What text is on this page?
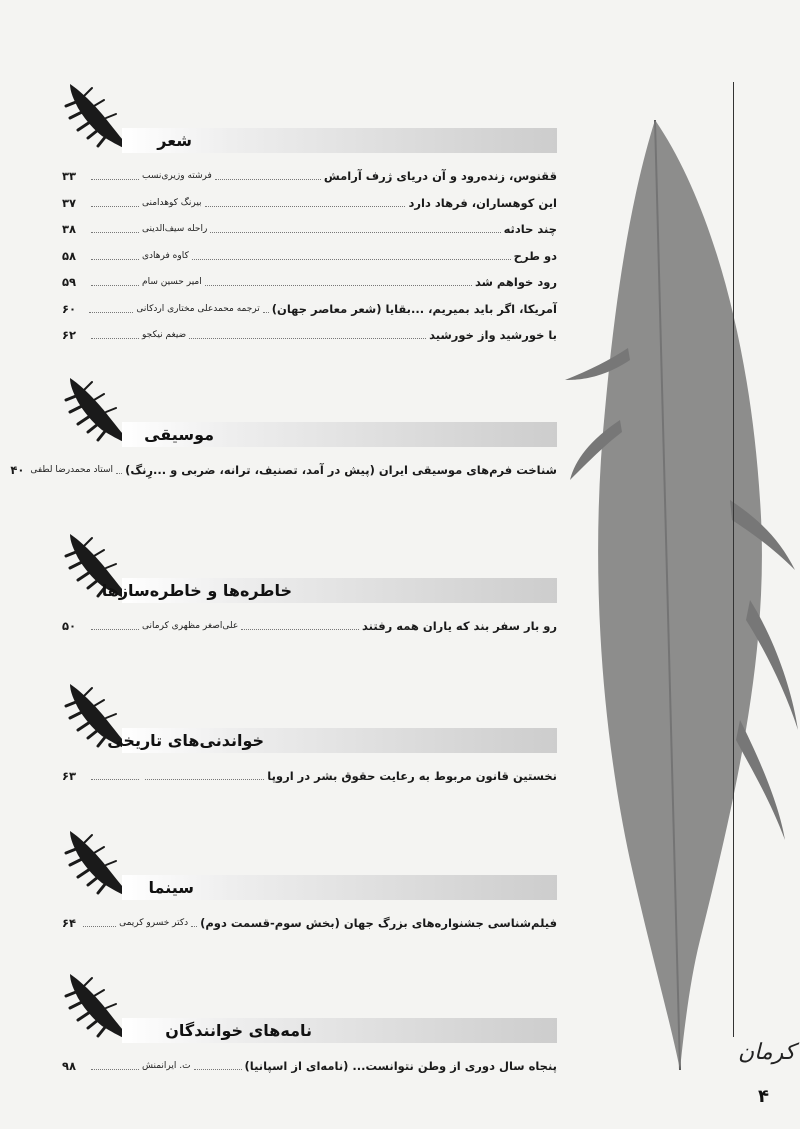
شعر
ققنوس، زنده‌رود و آن دریای ژرف آرامش
فرشته وزیری‌نسب
۳۳
این کوهساران، فرهاد دارد
بیرنگ کوهدامنی
۳۷
چند حادثه
راحله سیف‌الدینی
۳۸
دو طرح
کاوه فرهادی
۵۸
رود خواهم شد
امیر حسین سام
۵۹
آمریکا، اگر باید بمیریم، ...بقایا (شعر معاصر جهان)
ترجمه محمدعلی مختاری اردکانی
۶۰
با خورشید واز خورشید
ضیغم نیکجو
۶۲
موسیقی
شناخت فرم‌های موسیقی ایران (پیش در آمد، تصنیف، ترانه، ضربی و ...رِنگ)
استاد محمدرضا لطفی
۴۰
خاطره‌ها و خاطره‌سازها
رو بار سفر بند که یاران همه رفتند
علی‌اصغر مظهری کرمانی
۵۰
خواندنی‌های تاریخی
نخستین قانون مربوط به رعایت حقوق بشر در اروپا
۶۳
سینما
فیلم‌شناسی جشنواره‌های بزرگ جهان (بخش سوم-قسمت دوم)
دکتر خسرو کریمی
۶۴
نامه‌های خوانندگان
پنجاه سال دوری از وطن نتوانست... (نامه‌ای از اسپانیا)
ت. ایرانمنش
۹۸
کرمان
۴
